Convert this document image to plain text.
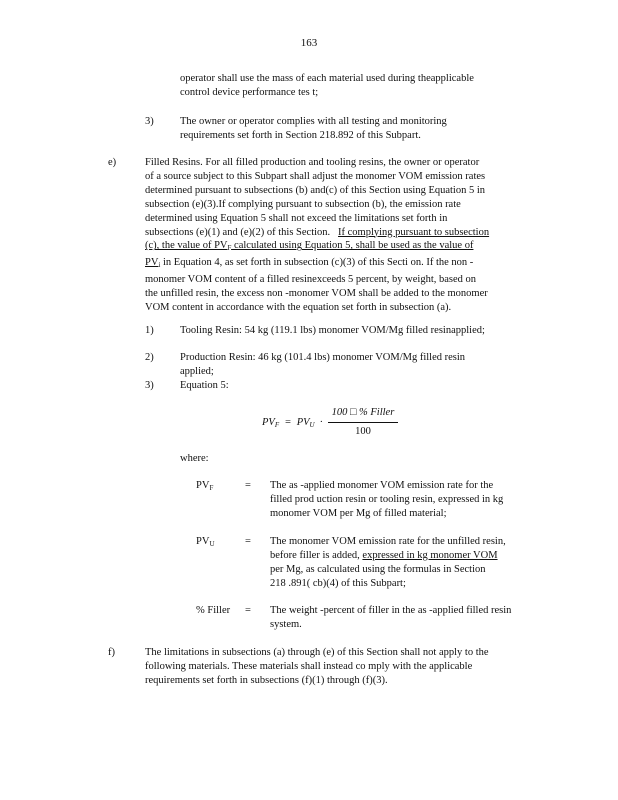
163
operator shall use the mass of each material used during theapplicable
control device performance tes t;
3)	The owner or operator complies with all testing and monitoring
requirements set forth in Section 218.892 of this Subpart.
e)	Filled Resins. For all filled production and tooling resins, the owner or operator
of a source subject to this Subpart shall adjust the monomer VOM emission rates
determined pursuant to subsections (b) and(c) of this Section using Equation 5 in
subsection (e)(3).If complying pursuant to subsection (b), the emission rate
determined using Equation 5 shall not exceed the limitations set forth in
subsections (e)(1) and (e)(2) of this Section. If complying pursuant to subsection
(c), the value of $PV_F$ calculated using Equation 5, shall be used as the value of
$PV_i$ in Equation 4, as set forth in subsection (c)(3) of this Secti on. If the non -
monomer VOM content of a filled resinexceeds 5 percent, by weight, based on
the unfilled resin, the excess non -monomer VOM shall be added to the monomer
VOM content in accordance with the equation set forth in subsection (a).
1)	Tooling Resin: 54 kg (119.1 lbs) monomer VOM/Mg filled resinapplied;
2)	Production Resin: 46 kg (101.4 lbs) monomer VOM/Mg filled resin
applied;
3)	Equation 5:
$PV_F = PV_U$ ·
100 □ % Filler
100
where:
$PV_F$	= The as -applied monomer VOM emission rate for the
filled prod uction resin or tooling resin, expressed in kg
monomer VOM per Mg of filled material;
$PV_U$	= The monomer VOM emission rate for the unfilled resin,
before filler is added, expressed in kg monomer VOM
per Mg, as calculated using the formulas in Section
218 .891( cb)(4) of this Subpart;
% Filler = The weight -percent of filler in the as -applied filled resin
system.
f)	The limitations in subsections (a) through (e) of this Section shall not apply to the
following materials. These materials shall instead co mply with the applicable
requirements set forth in subsections (f)(1) through (f)(3).
